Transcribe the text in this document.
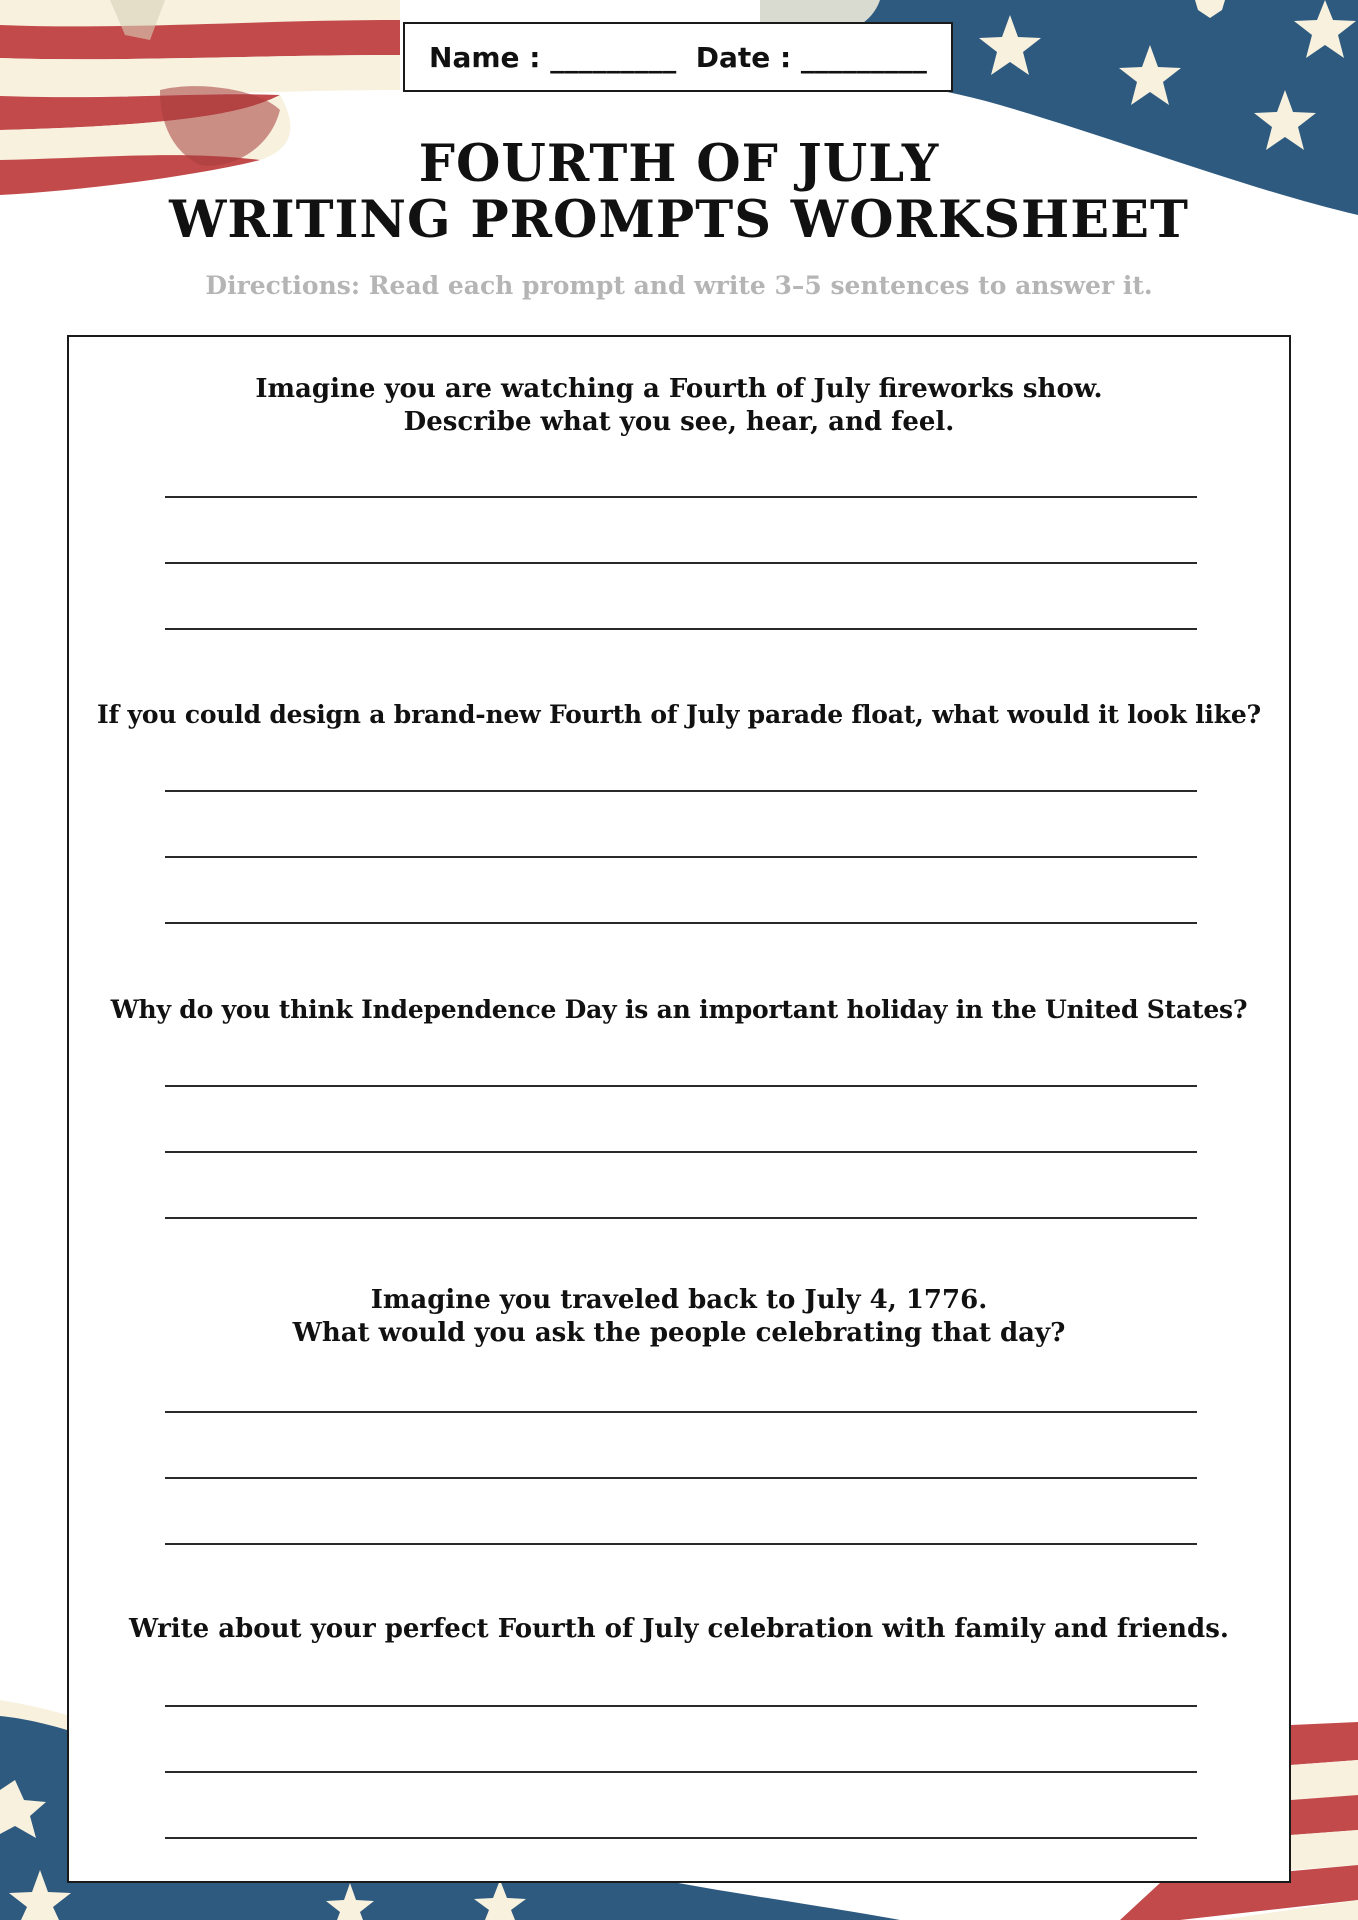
Name : _________  Date : _________
FOURTH OF JULY
WRITING PROMPTS WORKSHEET
Directions: Read each prompt and write 3–5 sentences to answer it.
Imagine you are watching a Fourth of July fireworks show.
Describe what you see, hear, and feel.
If you could design a brand-new Fourth of July parade float, what would it look like?
Why do you think Independence Day is an important holiday in the United States?
Imagine you traveled back to July 4, 1776.
What would you ask the people celebrating that day?
Write about your perfect Fourth of July celebration with family and friends.
